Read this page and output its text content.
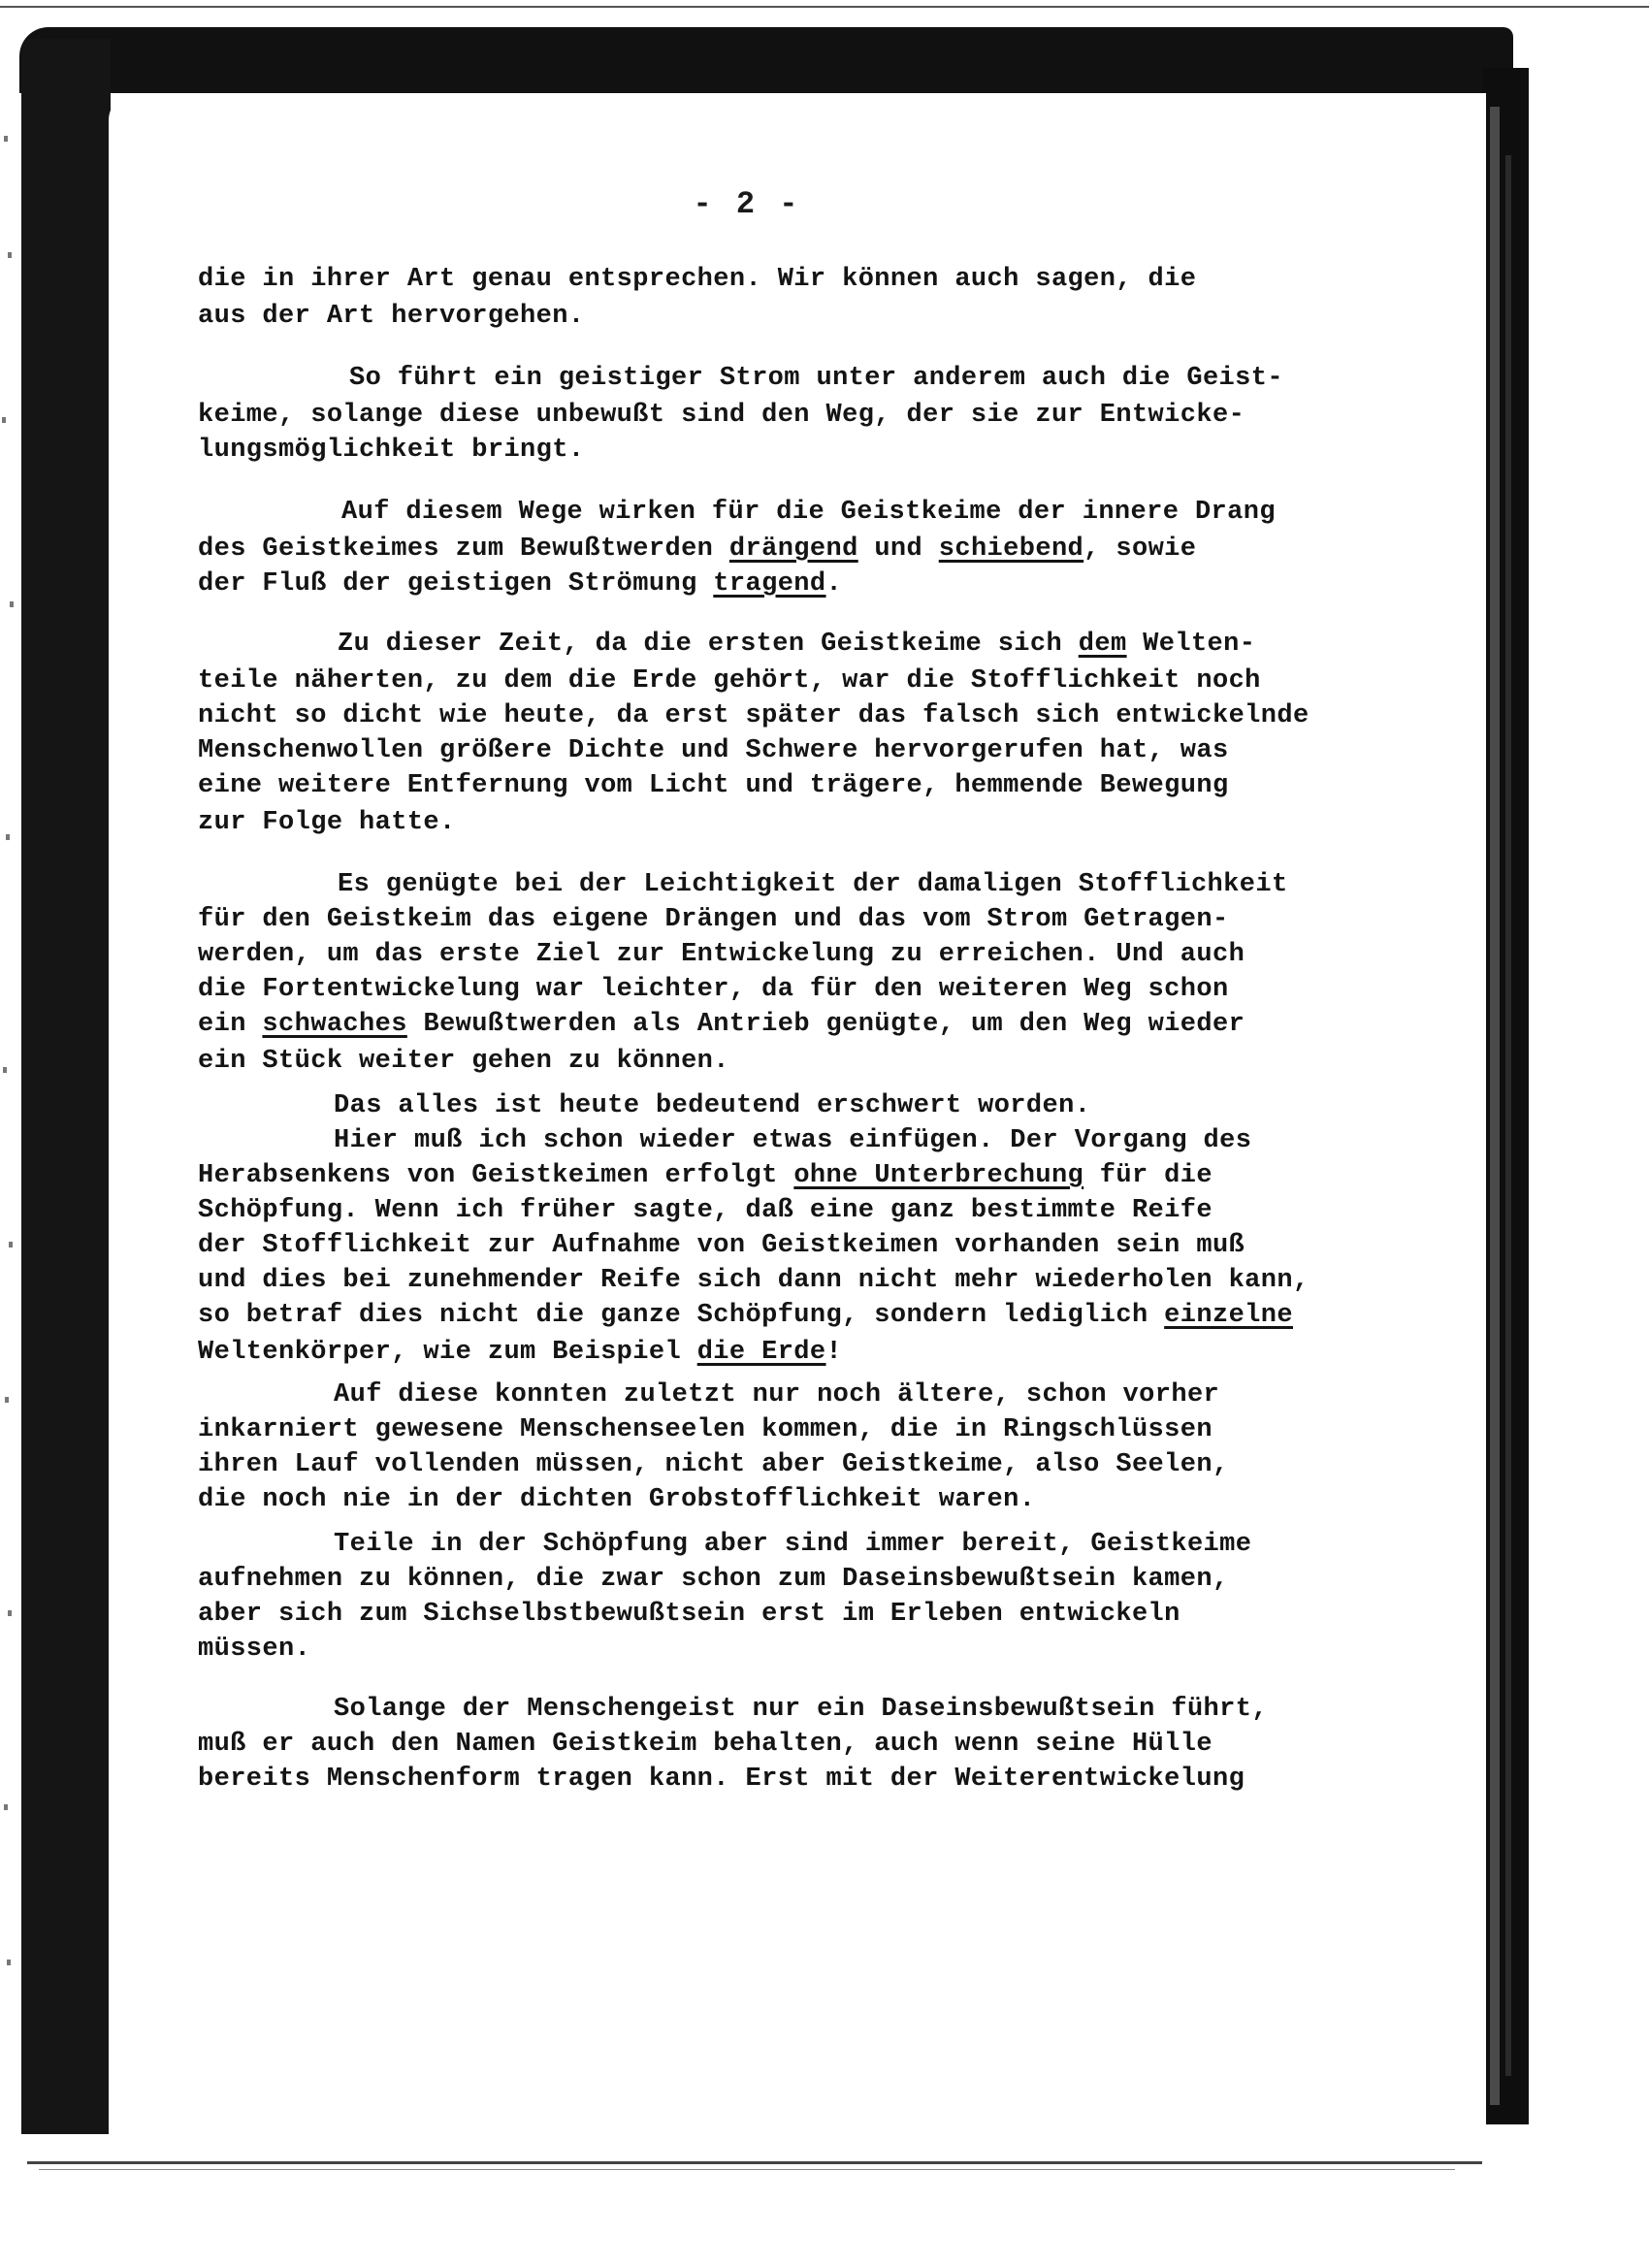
- 2 -
die in ihrer Art genau entsprechen. Wir können auch sagen, die
aus der Art hervorgehen.
So führt ein geistiger Strom unter anderem auch die Geist-
keime, solange diese unbewußt sind den Weg, der sie zur Entwicke-
lungsmöglichkeit bringt.
Auf diesem Wege wirken für die Geistkeime der innere Drang
des Geistkeimes zum Bewußtwerden drängend und schiebend, sowie
der Fluß der geistigen Strömung tragend.
Zu dieser Zeit, da die ersten Geistkeime sich dem Welten-
teile näherten, zu dem die Erde gehört, war die Stofflichkeit noch
nicht so dicht wie heute, da erst später das falsch sich entwickelnde
Menschenwollen größere Dichte und Schwere hervorgerufen hat, was
eine weitere Entfernung vom Licht und trägere, hemmende Bewegung
zur Folge hatte.
Es genügte bei der Leichtigkeit der damaligen Stofflichkeit
für den Geistkeim das eigene Drängen und das vom Strom Getragen-
werden, um das erste Ziel zur Entwickelung zu erreichen. Und auch
die Fortentwickelung war leichter, da für den weiteren Weg schon
ein schwaches Bewußtwerden als Antrieb genügte, um den Weg wieder
ein Stück weiter gehen zu können.
Das alles ist heute bedeutend erschwert worden.
Hier muß ich schon wieder etwas einfügen. Der Vorgang des
Herabsenkens von Geistkeimen erfolgt ohne Unterbrechung für die
Schöpfung. Wenn ich früher sagte, daß eine ganz bestimmte Reife
der Stofflichkeit zur Aufnahme von Geistkeimen vorhanden sein muß
und dies bei zunehmender Reife sich dann nicht mehr wiederholen kann,
so betraf dies nicht die ganze Schöpfung, sondern lediglich einzelne
Weltenkörper, wie zum Beispiel die Erde!
Auf diese konnten zuletzt nur noch ältere, schon vorher
inkarniert gewesene Menschenseelen kommen, die in Ringschlüssen
ihren Lauf vollenden müssen, nicht aber Geistkeime, also Seelen,
die noch nie in der dichten Grobstofflichkeit waren.
Teile in der Schöpfung aber sind immer bereit, Geistkeime
aufnehmen zu können, die zwar schon zum Daseinsbewußtsein kamen,
aber sich zum Sichselbstbewußtsein erst im Erleben entwickeln
müssen.
Solange der Menschengeist nur ein Daseinsbewußtsein führt,
muß er auch den Namen Geistkeim behalten, auch wenn seine Hülle
bereits Menschenform tragen kann. Erst mit der Weiterentwickelung
